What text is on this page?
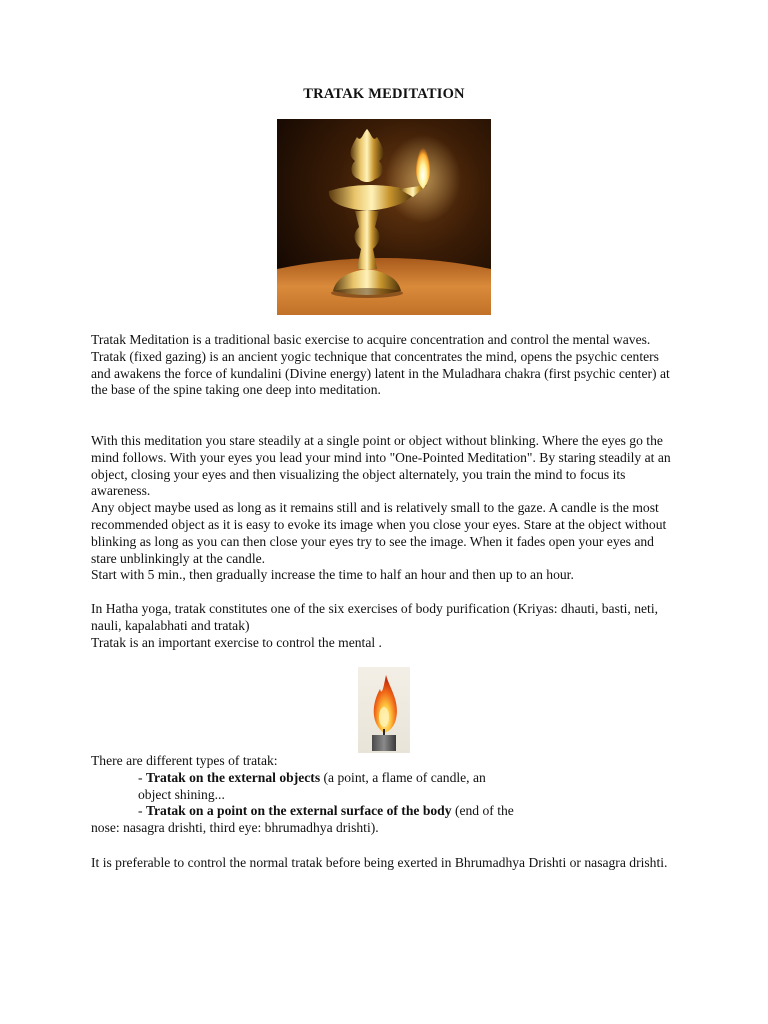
TRATAK MEDITATION

Tratak Meditation is a traditional basic exercise to acquire concentration and control the mental waves. Tratak (fixed gazing) is an ancient yogic technique that concentrates the mind, opens the psychic centers and awakens the force of kundalini (Divine energy) latent in the Muladhara chakra (first psychic center) at the base of the spine taking one deep into meditation.

With this meditation you stare steadily at a single point or object without blinking. Where the eyes go the mind follows. With your eyes you lead your mind into "One-Pointed Meditation". By staring steadily at an object, closing your eyes and then visualizing the object alternately, you train the mind to focus its awareness.

Any object maybe used as long as it remains still and is relatively small to the gaze. A candle is the most recommended object as it is easy to evoke its image when you close your eyes. Stare at the object without blinking as long as you can then close your eyes try to see the image. When it fades open your eyes and stare unblinkingly at the candle.

Start with 5 min., then gradually increase the time to half an hour and then up to an hour.

In Hatha yoga, tratak constitutes one of the six exercises of body purification (Kriyas: dhauti, basti, neti, nauli, kapalabhati and tratak)

Tratak is an important exercise to control the mental .

There are different types of tratak:

- Tratak on the external objects (a point, a flame of candle, an
object shining...
- Tratak on a point on the external surface of the body (end of the

nose: nasagra drishti, third eye: bhrumadhya drishti).

It is preferable to control the normal tratak before being exerted in Bhrumadhya Drishti or nasagra drishti.
